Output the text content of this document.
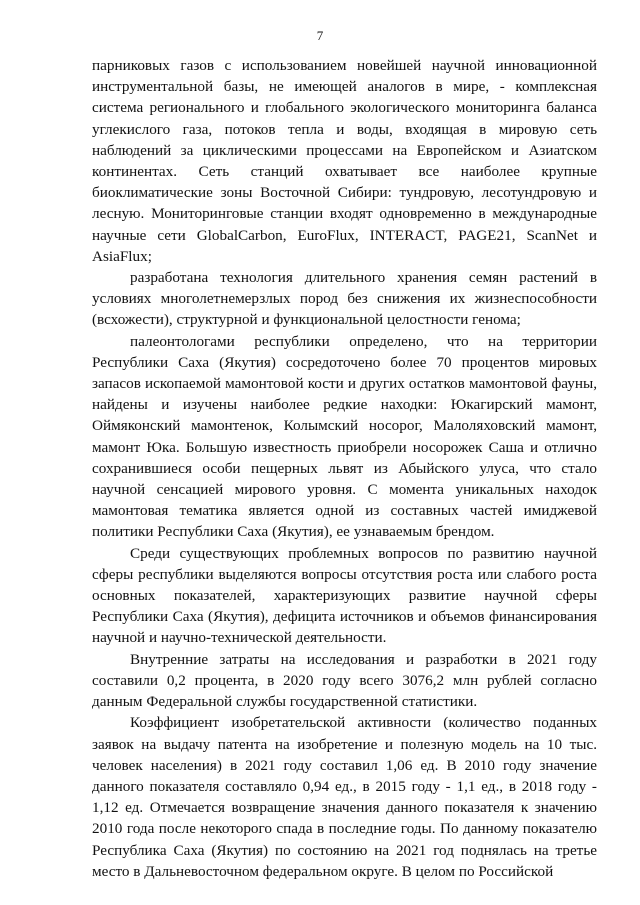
7

парниковых газов с использованием новейшей научной инновационной инструментальной базы, не имеющей аналогов в мире, - комплексная система регионального и глобального экологического мониторинга баланса углекислого газа, потоков тепла и воды, входящая в мировую сеть наблюдений за циклическими процессами на Европейском и Азиатском континентах. Сеть станций охватывает все наиболее крупные биоклиматические зоны Восточной Сибири: тундровую, лесотундровую и лесную. Мониторинговые станции входят одновременно в международные научные сети GlobalCarbon, EuroFlux, INTERACT, PAGE21, ScanNet и AsiaFlux;

разработана технология длительного хранения семян растений в условиях многолетнемерзлых пород без снижения их жизнеспособности (всхожести), структурной и функциональной целостности генома;

палеонтологами республики определено, что на территории Республики Саха (Якутия) сосредоточено более 70 процентов мировых запасов ископаемой мамонтовой кости и других остатков мамонтовой фауны, найдены и изучены наиболее редкие находки: Юкагирский мамонт, Оймяконский мамонтенок, Колымский носорог, Малоляховский мамонт, мамонт Юка. Большую известность приобрели носорожек Саша и отлично сохранившиеся особи пещерных львят из Абыйского улуса, что стало научной сенсацией мирового уровня. С момента уникальных находок мамонтовая тематика является одной из составных частей имиджевой политики Республики Саха (Якутия), ее узнаваемым брендом.

Среди существующих проблемных вопросов по развитию научной сферы республики выделяются вопросы отсутствия роста или слабого роста основных показателей, характеризующих развитие научной сферы Республики Саха (Якутия), дефицита источников и объемов финансирования научной и научно-технической деятельности.

Внутренние затраты на исследования и разработки в 2021 году составили 0,2 процента, в 2020 году всего 3076,2 млн рублей согласно данным Федеральной службы государственной статистики.

Коэффициент изобретательской активности (количество поданных заявок на выдачу патента на изобретение и полезную модель на 10 тыс. человек населения) в 2021 году составил 1,06 ед. В 2010 году значение данного показателя составляло 0,94 ед., в 2015 году - 1,1 ед., в 2018 году - 1,12 ед. Отмечается возвращение значения данного показателя к значению 2010 года после некоторого спада в последние годы. По данному показателю Республика Саха (Якутия) по состоянию на 2021 год поднялась на третье место в Дальневосточном федеральном округе. В целом по Российской
